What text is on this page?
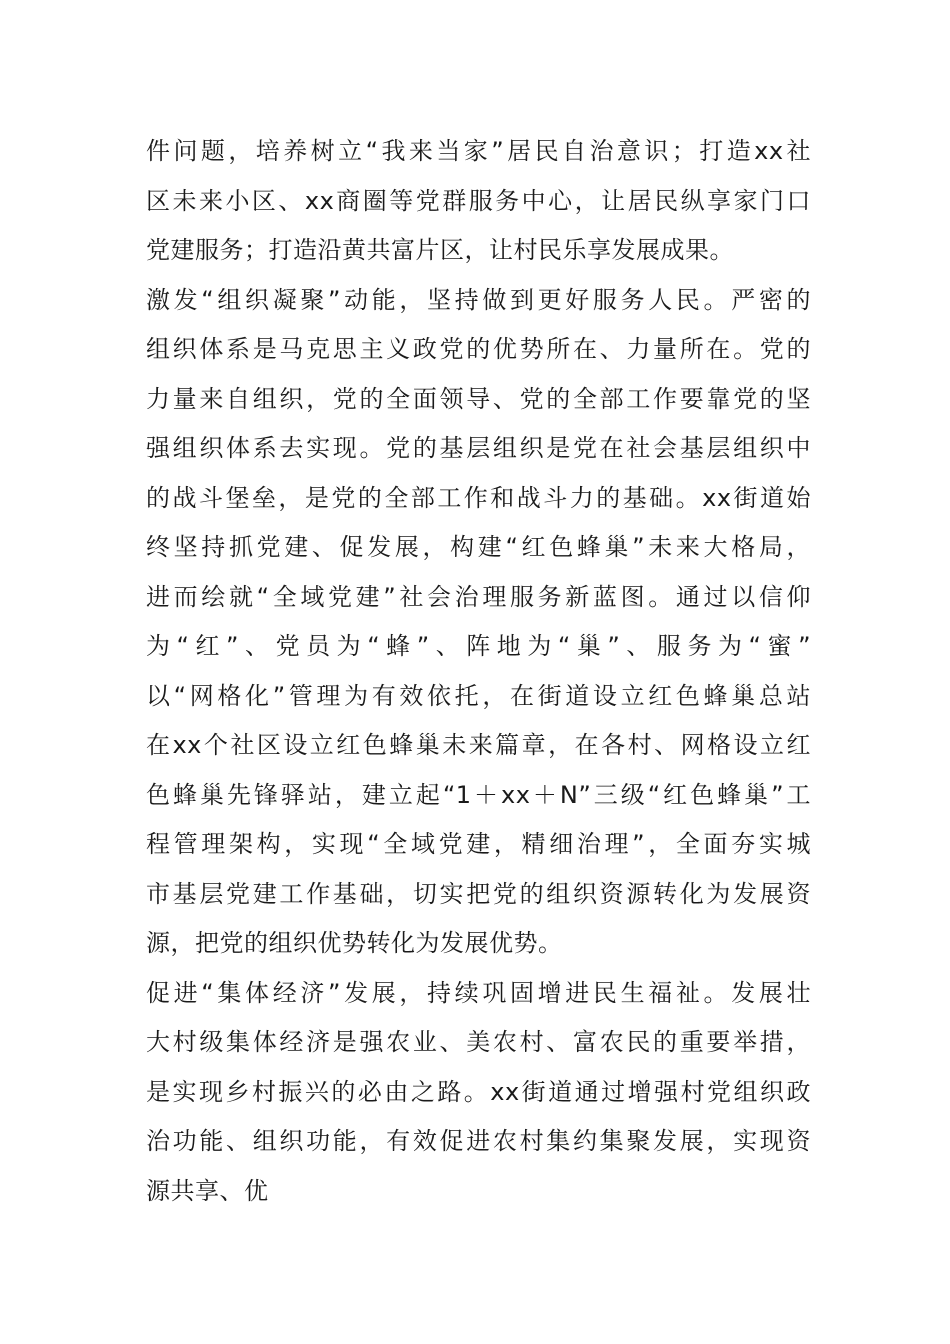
件问题，培养树立“我来当家”居民自治意识；打造xx社
区未来小区、xx商圈等党群服务中心，让居民纵享家门口
党建服务；打造沿黄共富片区，让村民乐享发展成果。
激发“组织凝聚”动能，坚持做到更好服务人民。严密的
组织体系是马克思主义政党的优势所在、力量所在。党的
力量来自组织，党的全面领导、党的全部工作要靠党的坚
强组织体系去实现。党的基层组织是党在社会基层组织中
的战斗堡垒，是党的全部工作和战斗力的基础。xx街道始
终坚持抓党建、促发展，构建“红色蜂巢”未来大格局，
进而绘就“全域党建”社会治理服务新蓝图。通过以信仰
为“红”、党员为“蜂”、阵地为“巢”、服务为“蜜”
以“网格化”管理为有效依托，在街道设立红色蜂巢总站
在xx个社区设立红色蜂巢未来篇章，在各村、网格设立红
色蜂巢先锋驿站，建立起“1＋xx＋N”三级“红色蜂巢”工
程管理架构，实现“全域党建，精细治理”，全面夯实城
市基层党建工作基础，切实把党的组织资源转化为发展资
源，把党的组织优势转化为发展优势。
促进“集体经济”发展，持续巩固增进民生福祉。发展壮
大村级集体经济是强农业、美农村、富农民的重要举措，
是实现乡村振兴的必由之路。xx街道通过增强村党组织政
治功能、组织功能，有效促进农村集约集聚发展，实现资
源共享、优
